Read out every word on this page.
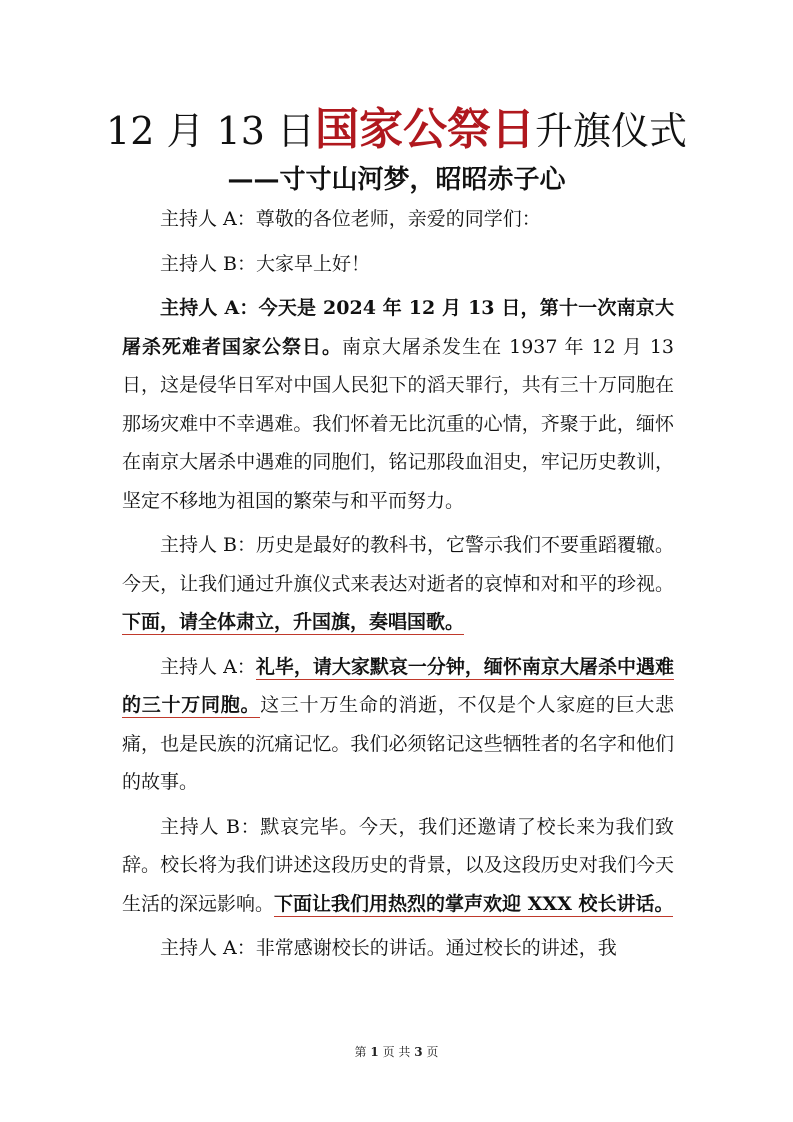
12 月 13 日国家公祭日升旗仪式
——寸寸山河梦，昭昭赤子心

主持人 A：尊敬的各位老师，亲爱的同学们：

主持人 B：大家早上好！

主持人 A：今天是 2024 年 12 月 13 日，第十一次南京大屠杀死难者国家公祭日。南京大屠杀发生在 1937 年 12 月 13 日，这是侵华日军对中国人民犯下的滔天罪行，共有三十万同胞在那场灾难中不幸遇难。我们怀着无比沉重的心情，齐聚于此，缅怀在南京大屠杀中遇难的同胞们，铭记那段血泪史，牢记历史教训，坚定不移地为祖国的繁荣与和平而努力。

主持人 B：历史是最好的教科书，它警示我们不要重蹈覆辙。今天，让我们通过升旗仪式来表达对逝者的哀悼和对和平的珍视。下面，请全体肃立，升国旗，奏唱国歌。

主持人 A：礼毕，请大家默哀一分钟，缅怀南京大屠杀中遇难的三十万同胞。这三十万生命的消逝，不仅是个人家庭的巨大悲痛，也是民族的沉痛记忆。我们必须铭记这些牺牲者的名字和他们的故事。

主持人 B：默哀完毕。今天，我们还邀请了校长来为我们致辞。校长将为我们讲述这段历史的背景，以及这段历史对我们今天生活的深远影响。下面让我们用热烈的掌声欢迎 XXX 校长讲话。

主持人 A：非常感谢校长的讲话。通过校长的讲述，我

第 1 页 共 3 页
